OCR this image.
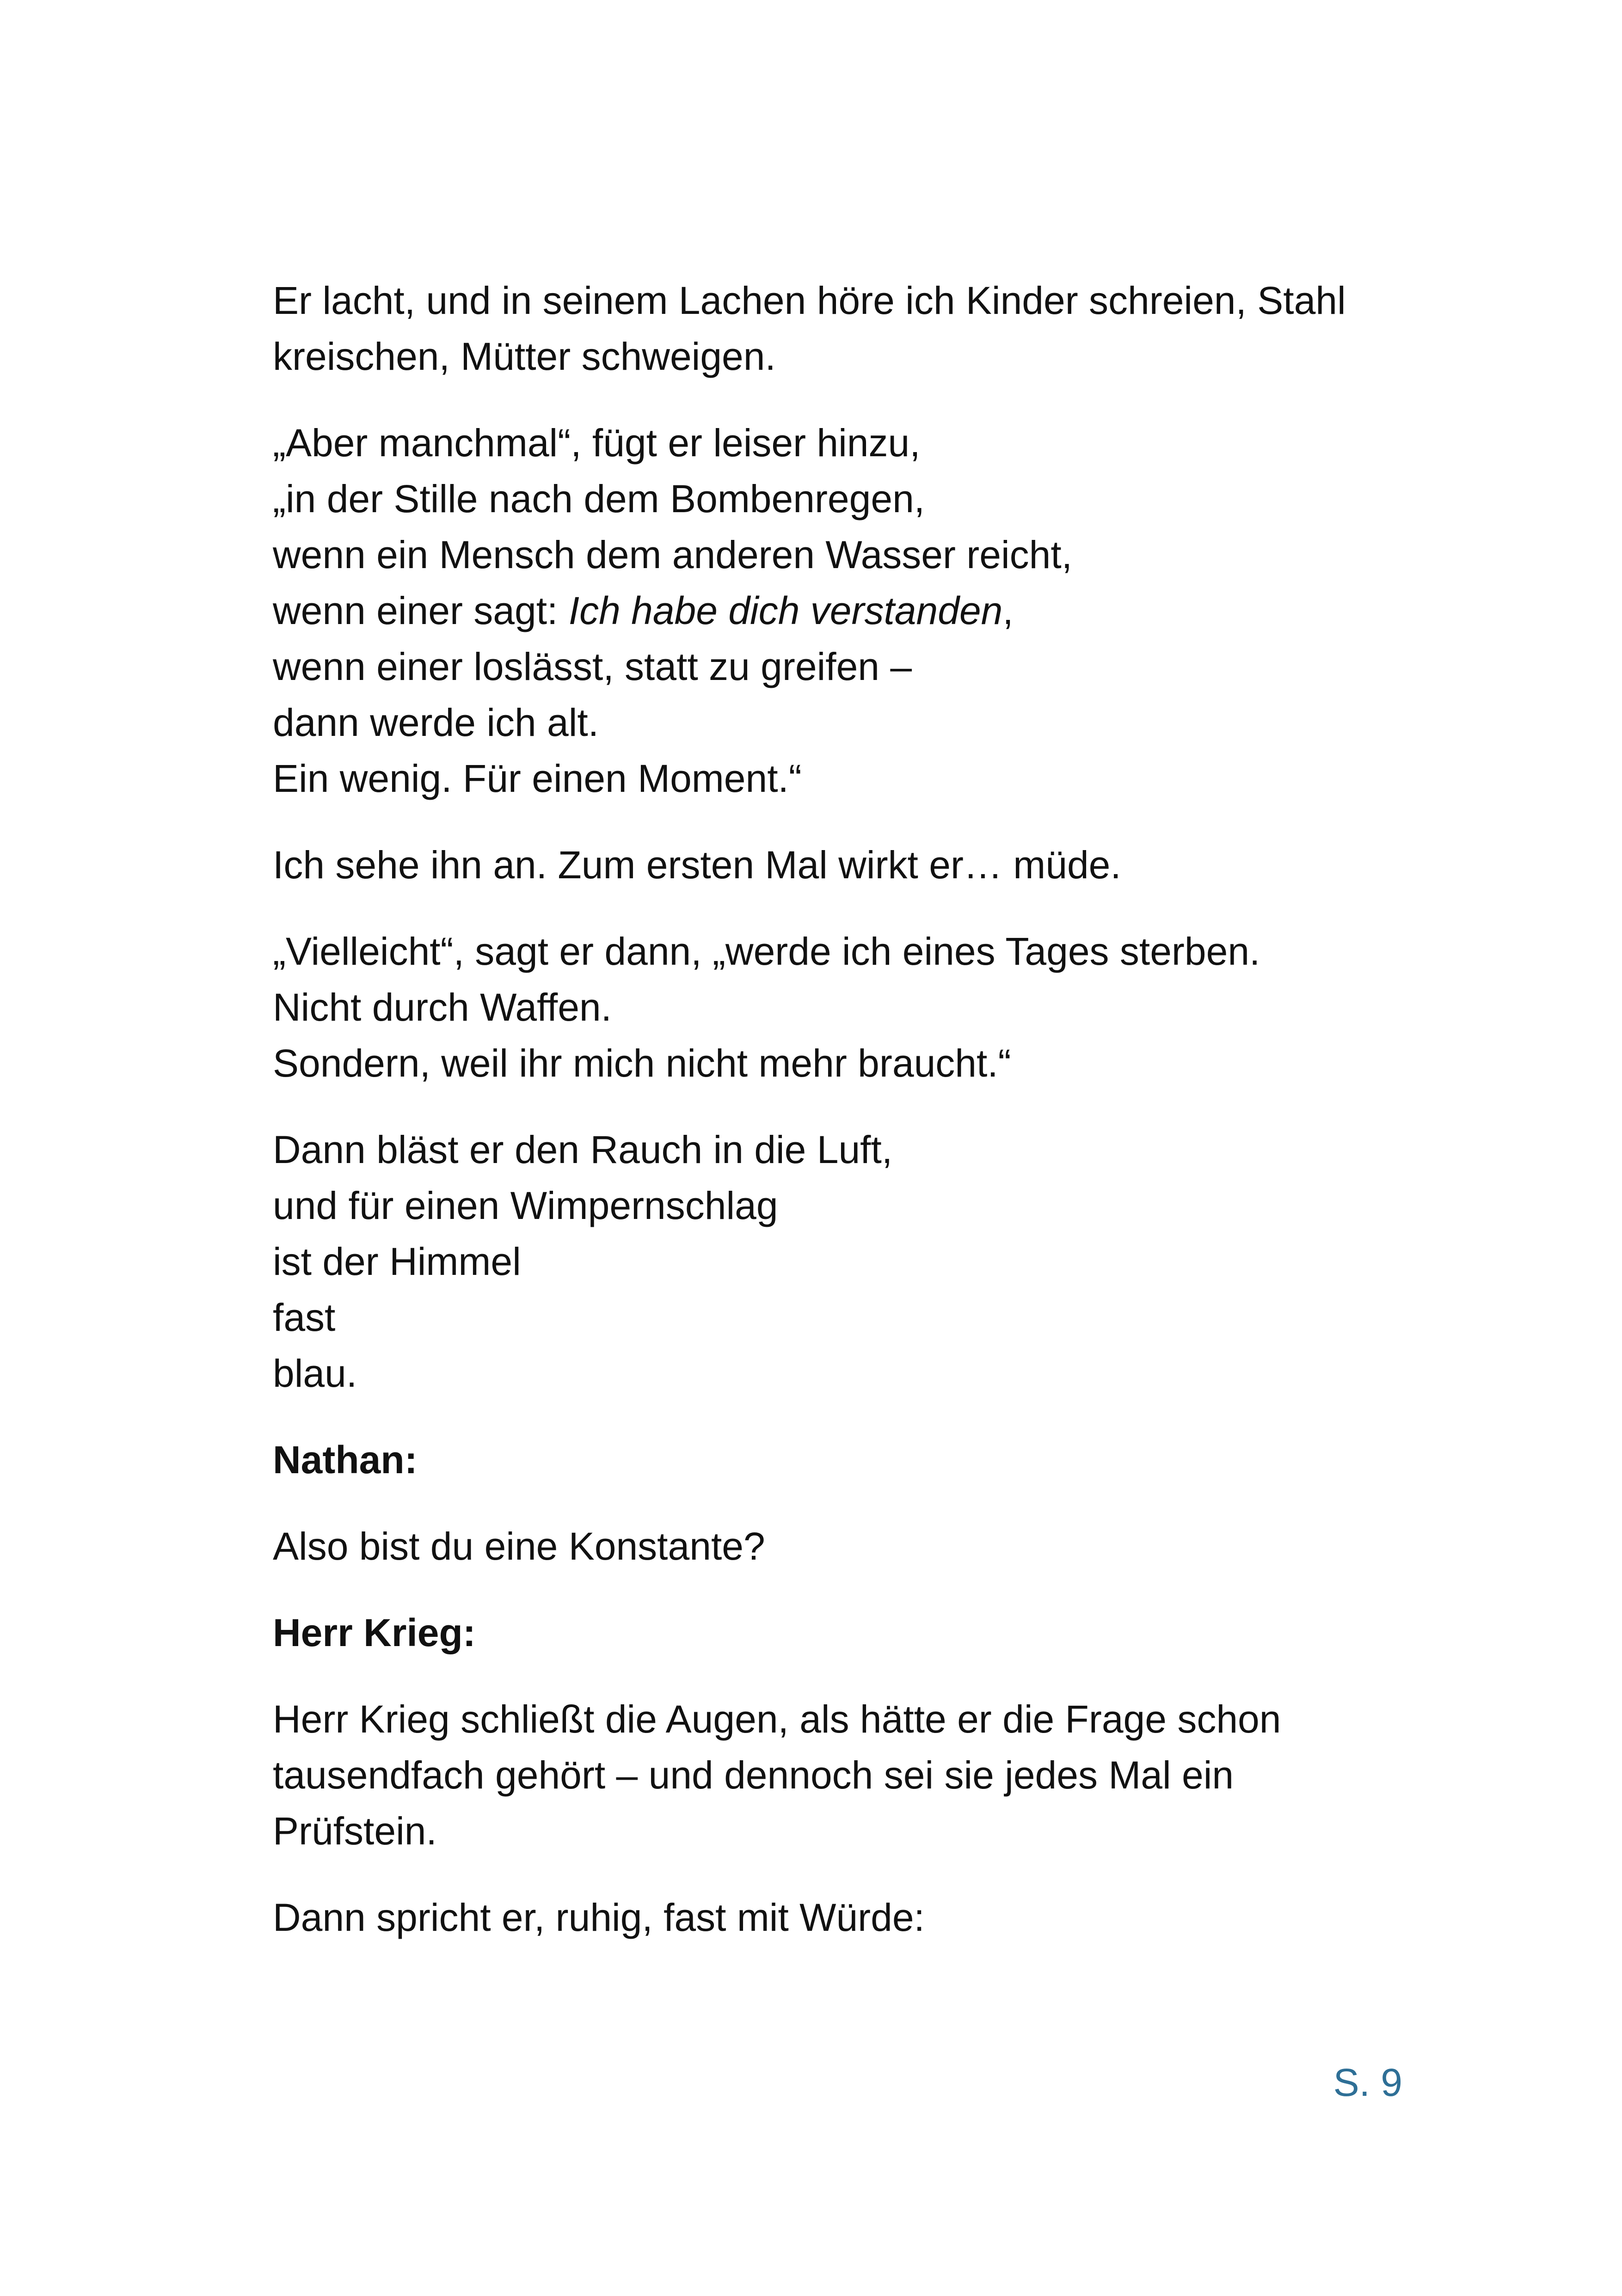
Er lacht, und in seinem Lachen höre ich Kinder schreien, Stahl
kreischen, Mütter schweigen.

„Aber manchmal“, fügt er leiser hinzu,
„in der Stille nach dem Bombenregen,
wenn ein Mensch dem anderen Wasser reicht,
wenn einer sagt: Ich habe dich verstanden,
wenn einer loslässt, statt zu greifen –
dann werde ich alt.
Ein wenig. Für einen Moment.“

Ich sehe ihn an. Zum ersten Mal wirkt er… müde.

„Vielleicht“, sagt er dann, „werde ich eines Tages sterben.
Nicht durch Waffen.
Sondern, weil ihr mich nicht mehr braucht.“

Dann bläst er den Rauch in die Luft,
und für einen Wimpernschlag
ist der Himmel
fast
blau.

Nathan:

Also bist du eine Konstante?

Herr Krieg:

Herr Krieg schließt die Augen, als hätte er die Frage schon
tausendfach gehört – und dennoch sei sie jedes Mal ein
Prüfstein.

Dann spricht er, ruhig, fast mit Würde:

S. 9
